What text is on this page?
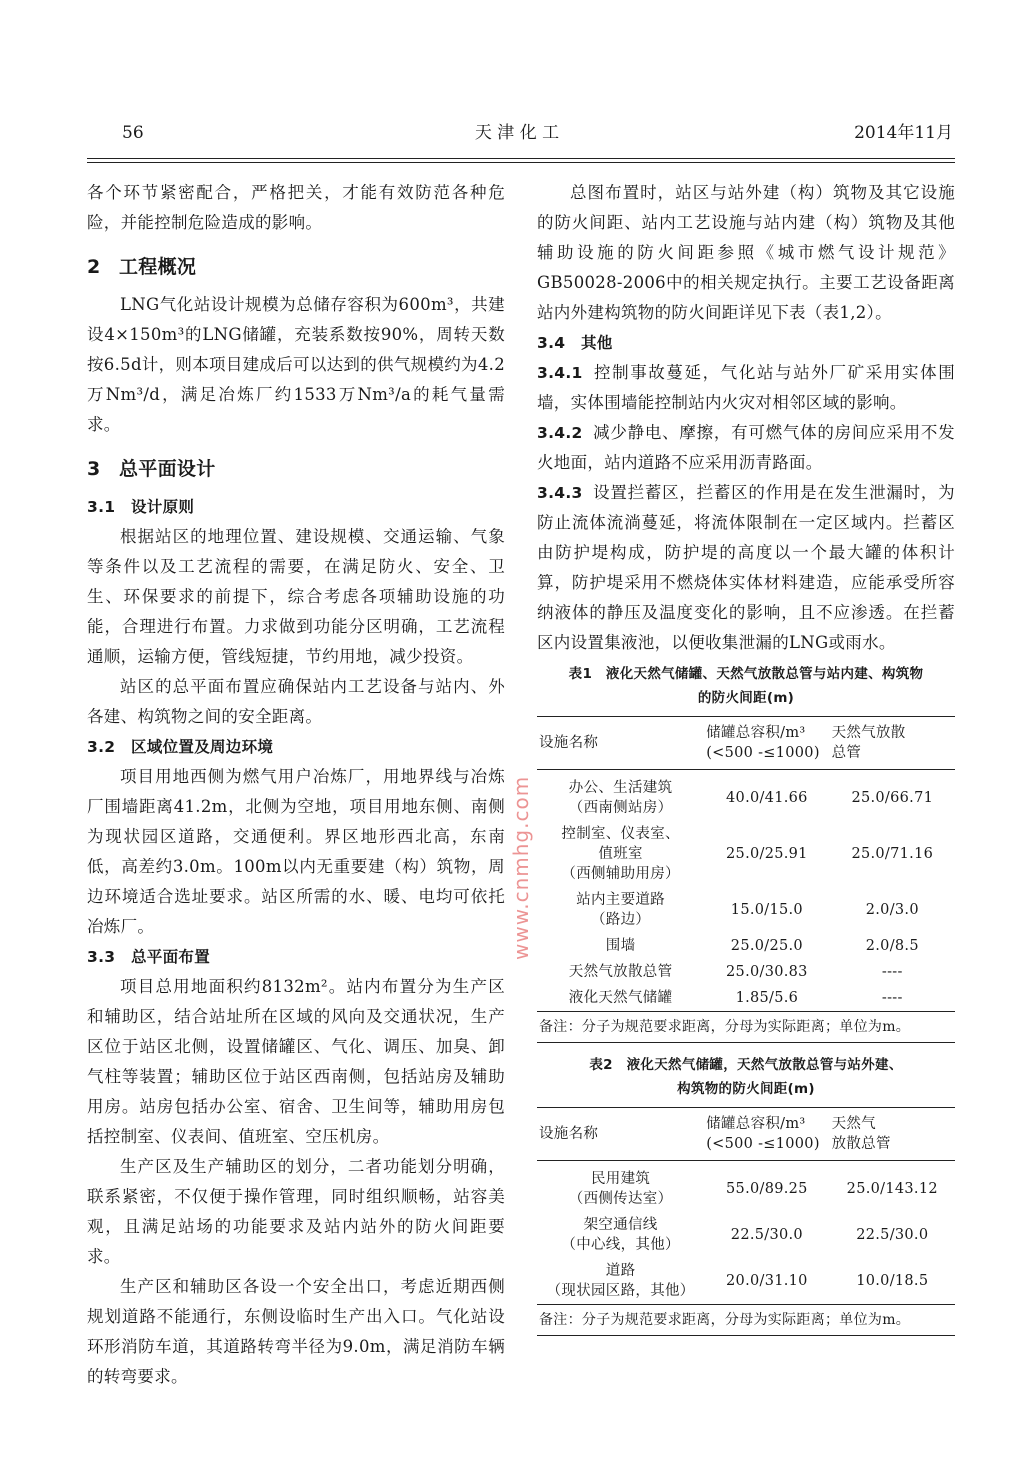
56	天 津 化 工	2014年11月

各个环节紧密配合，严格把关，才能有效防范各种危险，并能控制危险造成的影响。

2 工程概况

LNG气化站设计规模为总储存容积为600m³，共建设4×150m³的LNG储罐，充装系数按90%，周转天数按6.5d计，则本项目建成后可以达到的供气规模约为4.2万Nm³/d，满足冶炼厂约1533万Nm³/a的耗气量需求。

3 总平面设计
3.1 设计原则

根据站区的地理位置、建设规模、交通运输、气象等条件以及工艺流程的需要，在满足防火、安全、卫生、环保要求的前提下，综合考虑各项辅助设施的功能，合理进行布置。力求做到功能分区明确，工艺流程通顺，运输方便，管线短捷，节约用地，减少投资。

站区的总平面布置应确保站内工艺设备与站内、外各建、构筑物之间的安全距离。

3.2 区域位置及周边环境

项目用地西侧为燃气用户冶炼厂，用地界线与冶炼厂围墙距离41.2m，北侧为空地，项目用地东侧、南侧为现状园区道路，交通便利。界区地形西北高，东南低，高差约3.0m。100m以内无重要建（构）筑物，周边环境适合选址要求。站区所需的水、暖、电均可依托冶炼厂。

3.3 总平面布置

项目总用地面积约8132m²。站内布置分为生产区和辅助区，结合站址所在区域的风向及交通状况，生产区位于站区北侧，设置储罐区、气化、调压、加臭、卸气柱等装置；辅助区位于站区西南侧，包括站房及辅助用房。站房包括办公室、宿舍、卫生间等，辅助用房包括控制室、仪表间、值班室、空压机房。

生产区及生产辅助区的划分，二者功能划分明确，联系紧密，不仅便于操作管理，同时组织顺畅，站容美观，且满足站场的功能要求及站内站外的防火间距要求。

生产区和辅助区各设一个安全出口，考虑近期西侧规划道路不能通行，东侧设临时生产出入口。气化站设环形消防车道，其道路转弯半径为9.0m，满足消防车辆的转弯要求。

总图布置时，站区与站外建（构）筑物及其它设施的防火间距、站内工艺设施与站内建（构）筑物及其他辅助设施的防火间距参照《城市燃气设计规范》GB50028-2006中的相关规定执行。主要工艺设备距离站内外建构筑物的防火间距详见下表（表1,2）。

3.4 其他

3.4.1 控制事故蔓延，气化站与站外厂矿采用实体围墙，实体围墙能控制站内火灾对相邻区域的影响。

3.4.2 减少静电、摩擦，有可燃气体的房间应采用不发火地面，站内道路不应采用沥青路面。

3.4.3 设置拦蓄区，拦蓄区的作用是在发生泄漏时，为防止流体流淌蔓延，将流体限制在一定区域内。拦蓄区由防护堤构成，防护堤的高度以一个最大罐的体积计算，防护堤采用不燃烧体实体材料建造，应能承受所容纳液体的静压及温度变化的影响，且不应渗透。在拦蓄区内设置集液池，以便收集泄漏的LNG或雨水。

表1　液化天然气储罐、天然气放散总管与站内建、构筑物
的防火间距(m)
设施名称	储罐总容积/m³
(<500 -≤1000)	天然气放散
总管
办公、生活建筑
（西南侧站房）	40.0/41.66	25.0/66.71
控制室、仪表室、
值班室
（西侧辅助用房）	25.0/25.91	25.0/71.16
站内主要道路
（路边）	15.0/15.0	2.0/3.0
围墙	25.0/25.0	2.0/8.5
天然气放散总管	25.0/30.83	----
液化天然气储罐	1.85/5.6	----
备注：分子为规范要求距离，分母为实际距离；单位为m。		
表2　液化天然气储罐，天然气放散总管与站外建、
构筑物的防火间距(m)
设施名称	储罐总容积/m³
(<500 -≤1000)	天然气
放散总管
民用建筑
（西侧传达室）	55.0/89.25	25.0/143.12
架空通信线
（中心线，其他）	22.5/30.0	22.5/30.0
道路
（现状园区路，其他）	20.0/31.10	10.0/18.5
备注：分子为规范要求距离，分母为实际距离；单位为m。		
www.cnmhg.com
